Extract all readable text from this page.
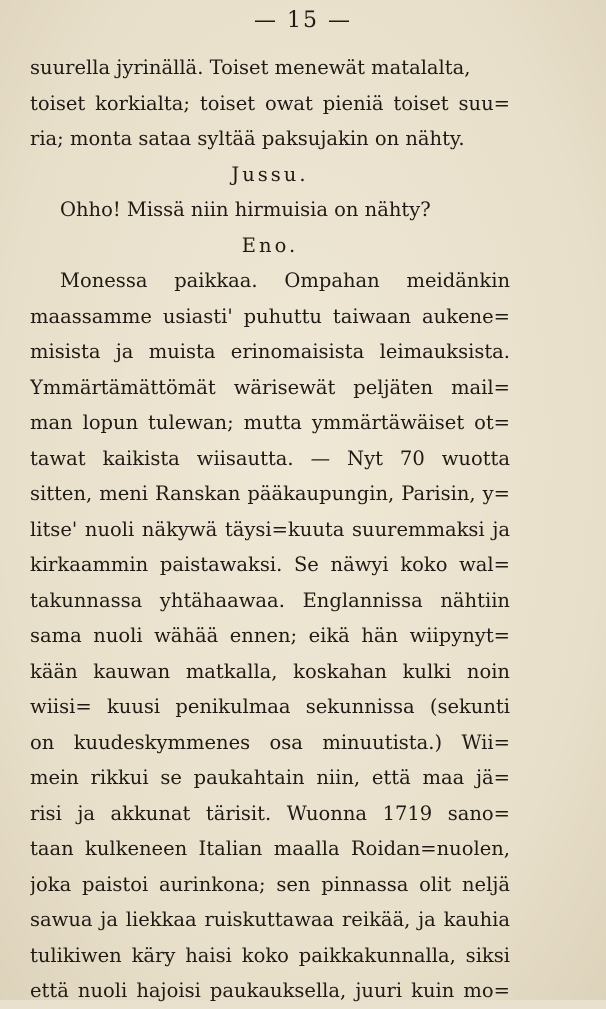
— 15 —
suurella jyrinällä. Toiset menewät matalalta,
toiset korkialta; toiset owat pieniä toiset suu=
ria; monta sataa syltää paksujakin on nähty.
Jussu.
Ohho! Missä niin hirmuisia on nähty?
Eno.
Monessa paikkaa. Ompahan meidänkin
maassamme usiasti' puhuttu taiwaan aukene=
misista ja muista erinomaisista leimauksista.
Ymmärtämättömät wärisewät peljäten mail=
man lopun tulewan; mutta ymmärtäwäiset ot=
tawat kaikista wiisautta. — Nyt 70 wuotta
sitten, meni Ranskan pääkaupungin, Parisin, y=
litse' nuoli näkywä täysi=kuuta suuremmaksi ja
kirkaammin paistawaksi. Se näwyi koko wal=
takunnassa yhtähaawaa. Englannissa nähtiin
sama nuoli wähää ennen; eikä hän wiipynyt=
kään kauwan matkalla, koskahan kulki noin
wiisi= kuusi penikulmaa sekunnissa (sekunti
on kuudeskymmenes osa minuutista.) Wii=
mein rikkui se paukahtain niin, että maa jä=
risi ja akkunat tärisit. Wuonna 1719 sano=
taan kulkeneen Italian maalla Roidan=nuolen,
joka paistoi aurinkona; sen pinnassa olit neljä
sawua ja liekkaa ruiskuttawaa reikää, ja kauhia
tulikiwen käry haisi koko paikkakunnalla, siksi
että nuoli hajoisi paukauksella, juuri kuin mo=
